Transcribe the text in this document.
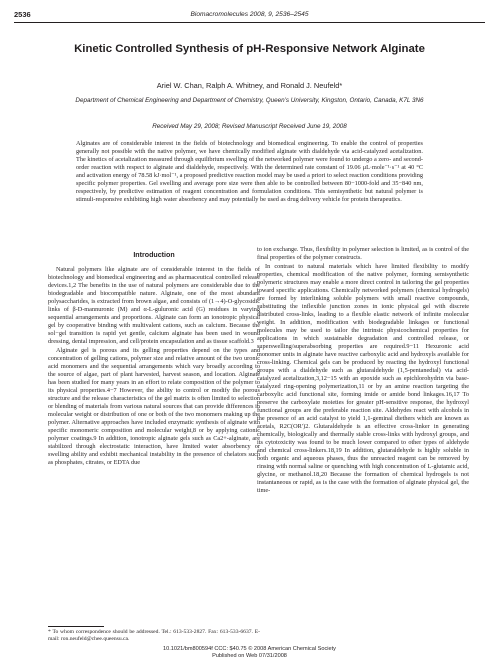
2536	Biomacromolecules 2008, 9, 2536–2545
Kinetic Controlled Synthesis of pH-Responsive Network Alginate
Ariel W. Chan, Ralph A. Whitney, and Ronald J. Neufeld*
Department of Chemical Engineering and Department of Chemistry, Queen’s University, Kingston, Ontario, Canada, K7L 3N6
Received May 29, 2008; Revised Manuscript Received June 19, 2008

Alginates are of considerable interest in the fields of biotechnology and biomedical engineering. To enable the control of properties generally not possible with the native polymer, we have chemically modified alginate with dialdehyde via acid-catalyzed acetalization. The kinetics of acetalization measured through equilibrium swelling of the networked polymer were found to undergo a zero- and second-order reaction with respect to alginate and dialdehyde, respectively. With the determined rate constant of 19.06 μL·mole⁻¹·s⁻¹ at 40 °C and activation energy of 78.58 kJ·mol⁻¹, a proposed predictive reaction model may be used a priori to select reaction conditions providing specific polymer properties. Gel swelling and average pore size were then able to be controlled between 80−1000-fold and 35−840 nm, respectively, by predictive estimation of reagent concentration and formulation conditions. This semisynthetic but natural polymer is stimuli-responsive exhibiting high water absorbency and may potentially be used as drug delivery vehicle for protein therapeutics.

Introduction

Natural polymers like alginate are of considerable interest in the fields of biotechnology and biomedical engineering and as pharmaceutical controlled release devices.1,2 The benefits in the use of natural polymers are considerable due to the biodegradable and biocompatible nature. Alginate, one of the most abundant polysaccharides, is extracted from brown algae, and consists of (1→4)-O-glycosidic links of β-D-mannuronic (M) and α-L-guluronic acid (G) residues in varying sequential arrangements and proportions. Alginate can form an ionotropic physical gel by cooperative binding with multivalent cations, such as calcium. Because the sol−gel transition is rapid yet gentle, calcium alginate has been used in wound dressing, dental impression, and cell/protein encapsulation and as tissue scaffold.3

Alginate gel is porous and its gelling properties depend on the types and concentration of gelling cations, polymer size and relative amount of the two uronic acid monomers and the sequential arrangements which vary broadly according to the source of algae, part of plant harvested, harvest season, and location. Alginate has been studied for many years in an effort to relate composition of the polymer to its physical properties.4−7 However, the ability to control or modify the porous structure and the release characteristics of the gel matrix is often limited to selection or blending of materials from various natural sources that can provide differences in molecular weight or distribution of one or both of the two monomers making up the polymer. Alternative approaches have included enzymatic synthesis of alginate with specific monomeric composition and molecular weight,8 or by applying cationic polymer coatings.9 In addition, ionotropic alginate gels such as Ca2+-alginate, are stabilized through electrostatic interaction, have limited water absorbency or swelling ability and exhibit mechanical instability in the presence of chelators such as phosphates, citrates, or EDTA due

to ion exchange. Thus, flexibility in polymer selection is limited, as is control of the final properties of the polymer constructs.

In contrast to natural materials which have limited flexibility to modify properties, chemical modification of the native polymer, forming semisynthetic polymeric structures may enable a more direct control in tailoring the gel properties toward specific applications. Chemically networked polymers (chemical hydrogels) are formed by interlinking soluble polymers with small reactive compounds, substituting the inflexible junction zones in ionic physical gel with discrete distributed cross-links, leading to a flexible elastic network of infinite molecular weight. In addition, modification with biodegradable linkages or functional molecules may be used to tailor the intrinsic physicochemical properties for applications in which sustainable degradation and controlled release, or superswelling/superabsorbing properties are required.9−11 Hexuronic acid monomer units in alginate have reactive carboxylic acid and hydroxyls available for cross-linking. Chemical gels can be produced by reacting the hydroxyl functional groups with a dialdehyde such as glutaraldehyde (1,5-pentanedial) via acid-catalyzed acetalization,3,12−15 with an epoxide such as epichlorohydrin via base-catalyzed ring-opening polymerization,11 or by an amine reaction targeting the carboxylic acid functional site, forming imide or amide bond linkages.16,17 To preserve the carboxylate moieties for greater pH-sensitive response, the hydroxyl functional groups are the preferable reaction site. Aldehydes react with alcohols in the presence of an acid catalyst to yield 1,1-geminal diethers which are known as acetals, R2C(OR′)2. Glutaraldehyde is an effective cross-linker in generating chemically, biologically and thermally stable cross-links with hydroxyl groups, and its cytotoxicity was found to be much lower compared to other types of aldehyde and chemical cross-linkers.18,19 In addition, glutaraldehyde is highly soluble in both organic and aqueous phases, thus the unreacted reagent can be removed by rinsing with normal saline or quenching with high concentration of L-glutamic acid, glycine, or methanol.18,20 Because the formation of chemical hydrogels is not instantaneous or rapid, as is the case with the formation of alginate physical gel, the time-

* To whom correspondence should be addressed. Tel.: 613-533-2827. Fax: 613-533-6637. E-mail: ron.neufeld@chee.queensu.ca.
10.1021/bm800594f CCC: $40.75 © 2008 American Chemical Society
Published on Web 07/31/2008
